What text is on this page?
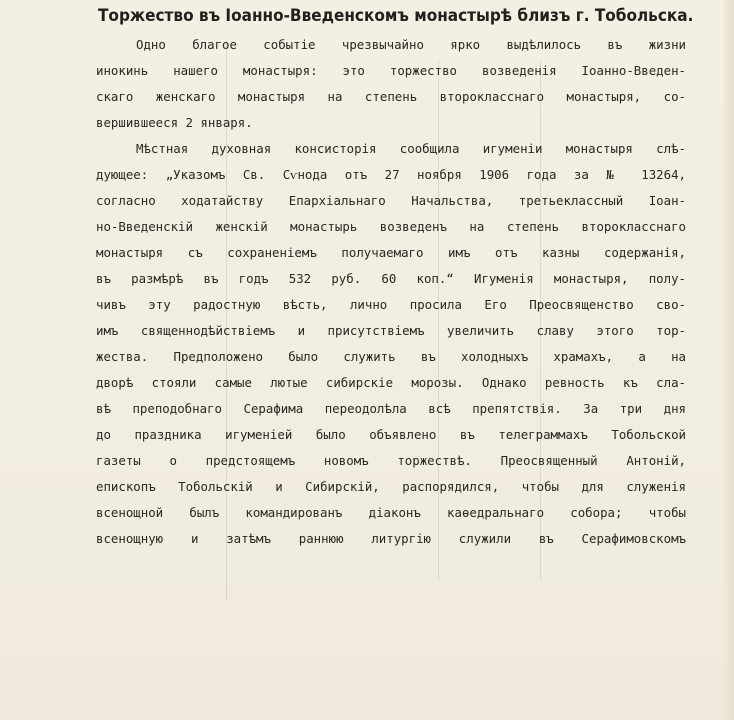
Торжество въ Іоанно-Введенскомъ монастырѣ близъ г. Тобольска.
Одно благое событіе чрезвычайно ярко выдѣлилось въ жизни
инокинь нашего монастыря: это торжество возведенія Іоанно-Введен-
скаго женскаго монастыря на степень второкласснаго монастыря, со-
вершившееся 2 января.
Мѣстная духовная консисторія сообщила игуменіи монастыря слѣ-
дующее: „Указомъ Св. Сѵнода отъ 27 ноября 1906 года за № 13264,
согласно ходатайству Епархіальнаго Начальства, третьеклассный Іоан-
но-Введенскій женскій монастырь возведенъ на степень второкласснаго
монастыря съ сохраненіемъ получаемаго имъ отъ казны содержанія,
въ размѣрѣ въ годъ 532 руб. 60 коп.“ Игуменія монастыря, полу-
чивъ эту радостную вѣсть, лично просила Его Преосвященство сво-
имъ священнодѣйствіемъ и присутствіемъ увеличить славу этого тор-
жества. Предположено было служить въ холодныхъ храмахъ, а на
дворѣ стояли самые лютые сибирскіе морозы. Однако ревность къ сла-
вѣ преподобнаго Серафима переодолѣла всѣ препятствія. За три дня
до праздника игуменіей было объявлено въ телеграммахъ Тобольской
газеты о предстоящемъ новомъ торжествѣ. Преосвященный Антоній,
епископъ Тобольскій и Сибирскій, распорядился, чтобы для служенія
всенощной былъ командированъ діаконъ каѳедральнаго собора; чтобы
всенощную и затѣмъ раннюю литургію служили въ Серафимовскомъ
